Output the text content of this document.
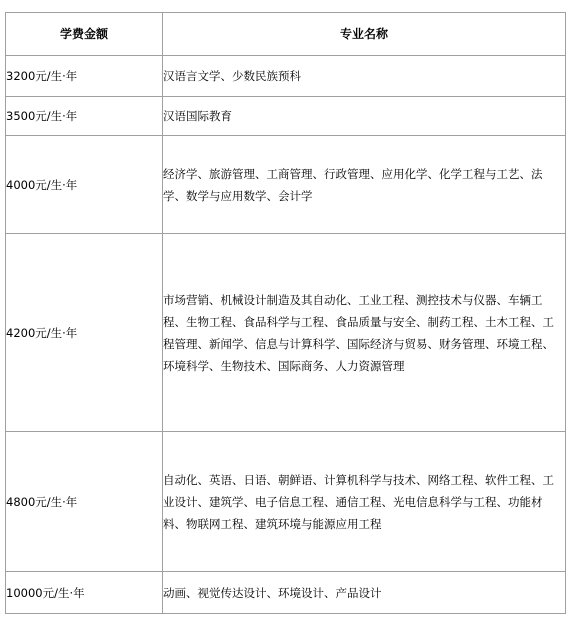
学费金额	专业名称
3200元/生·年	汉语言文学、少数民族预科
3500元/生·年	汉语国际教育
4000元/生·年	经济学、旅游管理、工商管理、行政管理、应用化学、化学工程与工艺、法学、数学与应用数学、会计学
4200元/生·年	市场营销、机械设计制造及其自动化、工业工程、测控技术与仪器、车辆工程、生物工程、食品科学与工程、食品质量与安全、制药工程、土木工程、工程管理、新闻学、信息与计算科学、国际经济与贸易、财务管理、环境工程、环境科学、生物技术、国际商务、人力资源管理
4800元/生·年	自动化、英语、日语、朝鲜语、计算机科学与技术、网络工程、软件工程、工业设计、建筑学、电子信息工程、通信工程、光电信息科学与工程、功能材料、物联网工程、建筑环境与能源应用工程
10000元/生·年	动画、视觉传达设计、环境设计、产品设计
